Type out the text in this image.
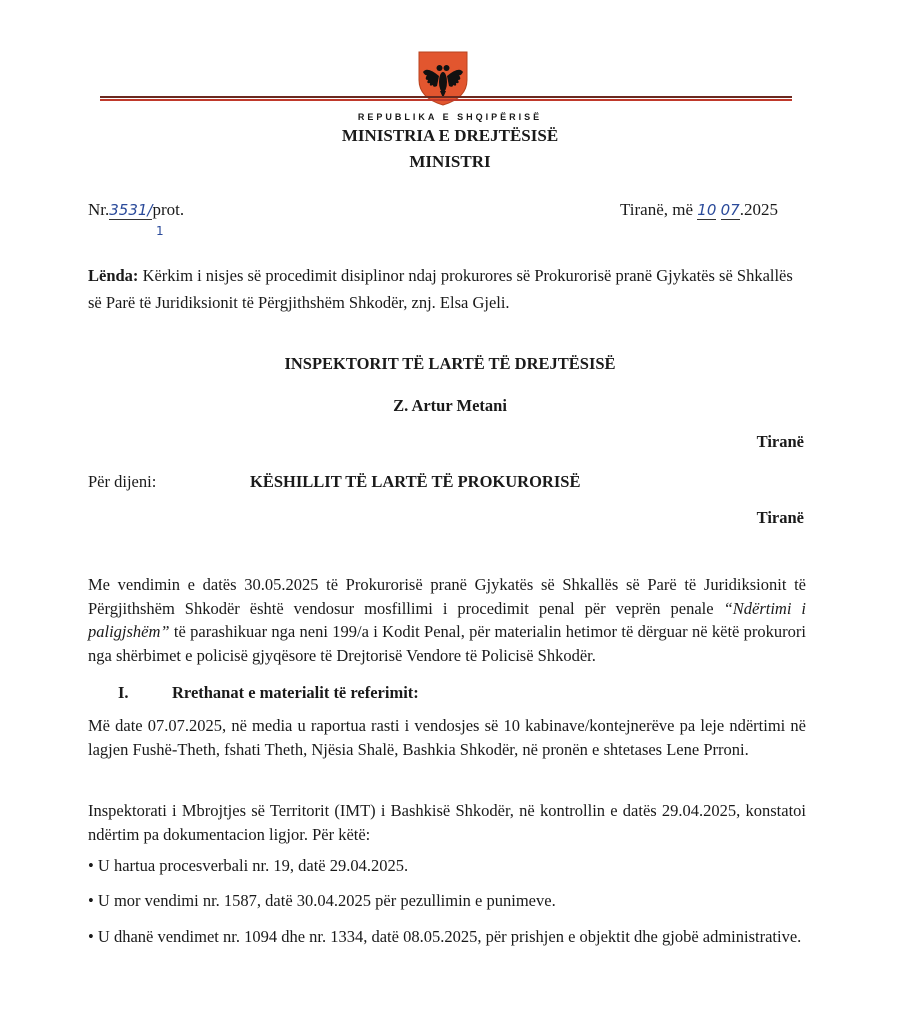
REPUBLIKA E SHQIPËRISË
MINISTRIA E DREJTËSISË
MINISTRI
Nr.3531/prot.
1
Tiranë, më 10 07.2025
Lënda: Kërkim i nisjes së procedimit disiplinor ndaj prokurores së Prokurorisë pranë Gjykatës së Shkallës së Parë të Juridiksionit të Përgjithshëm Shkodër, znj. Elsa Gjeli.
INSPEKTORIT TË LARTË TË DREJTËSISË
Z. Artur Metani
Tiranë
Për dijeni:	KËSHILLIT TË LARTË TË PROKURORISË
Tiranë
Me vendimin e datës 30.05.2025 të Prokurorisë pranë Gjykatës së Shkallës së Parë të Juridiksionit të Përgjithshëm Shkodër është vendosur mosfillimi i procedimit penal për veprën penale “Ndërtimi i paligjshëm” të parashikuar nga neni 199/a i Kodit Penal, për materialin hetimor të dërguar në këtë prokurori nga shërbimet e policisë gjyqësore të Drejtorisë Vendore të Policisë Shkodër.
I.	Rrethanat e materialit të referimit:
Më date 07.07.2025, në media u raportua rasti i vendosjes së 10 kabinave/kontejnerëve pa leje ndërtimi në lagjen Fushë-Theth, fshati Theth, Njësia Shalë, Bashkia Shkodër, në pronën e shtetases Lene Prroni.
Inspektorati i Mbrojtjes së Territorit (IMT) i Bashkisë Shkodër, në kontrollin e datës 29.04.2025, konstatoi ndërtim pa dokumentacion ligjor. Për këtë:
• U hartua procesverbali nr. 19, datë 29.04.2025.
• U mor vendimi nr. 1587, datë 30.04.2025 për pezullimin e punimeve.
• U dhanë vendimet nr. 1094 dhe nr. 1334, datë 08.05.2025, për prishjen e objektit dhe gjobë administrative.
